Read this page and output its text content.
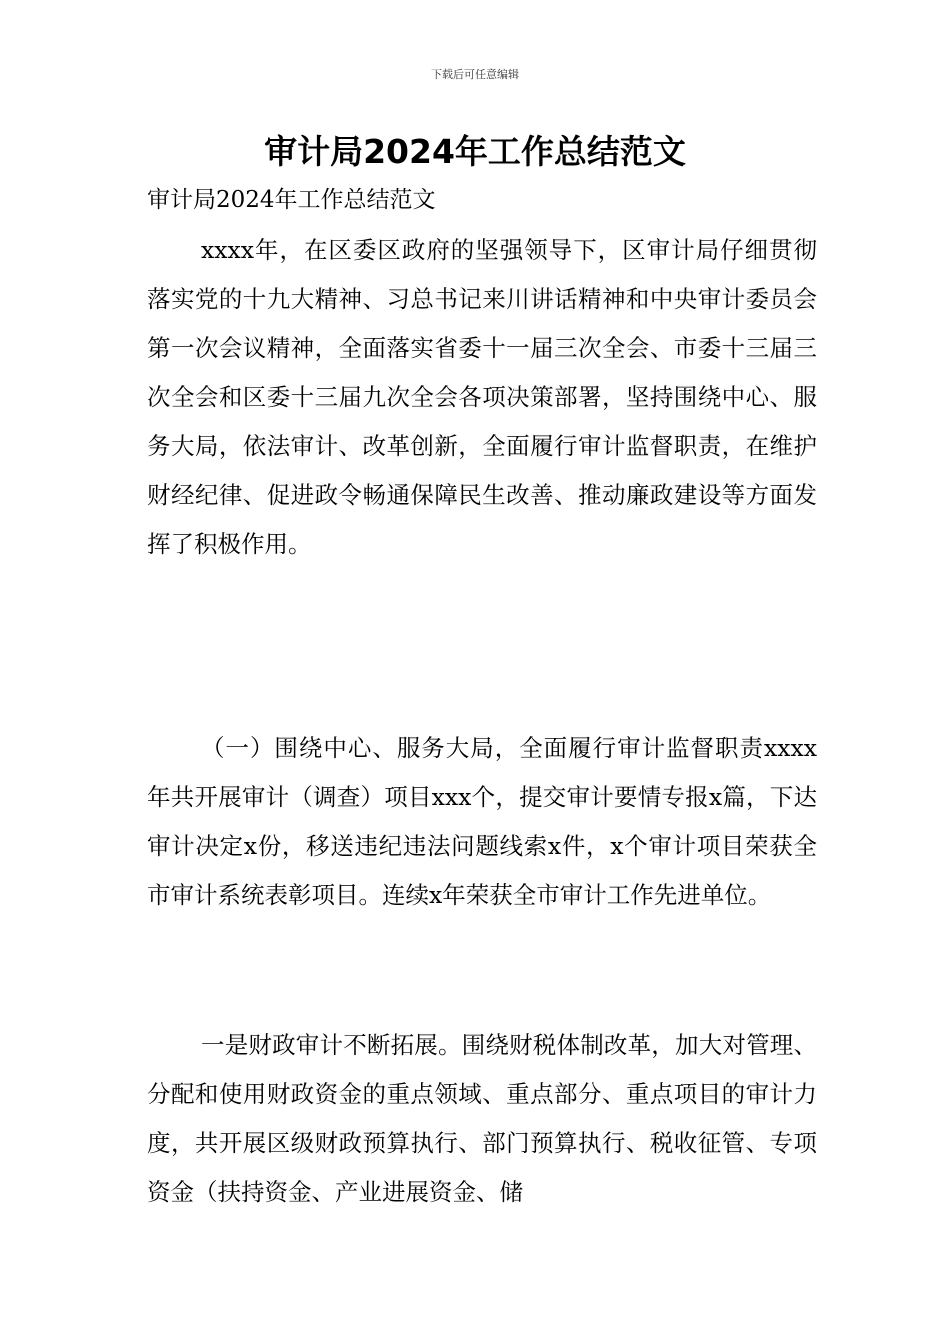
下载后可任意编辑
审计局2024年工作总结范文
审计局2024年工作总结范文

xxxx年，在区委区政府的坚强领导下，区审计局仔细贯彻落实党的十九大精神、习总书记来川讲话精神和中央审计委员会第一次会议精神，全面落实省委十一届三次全会、市委十三届三次全会和区委十三届九次全会各项决策部署，坚持围绕中心、服务大局，依法审计、改革创新，全面履行审计监督职责，在维护财经纪律、促进政令畅通保障民生改善、推动廉政建设等方面发挥了积极作用。

（一）围绕中心、服务大局，全面履行审计监督职责xxxx年共开展审计（调查）项目xxx个，提交审计要情专报x篇，下达审计决定x份，移送违纪违法问题线索x件，x个审计项目荣获全市审计系统表彰项目。连续x年荣获全市审计工作先进单位。

一是财政审计不断拓展。围绕财税体制改革，加大对管理、分配和使用财政资金的重点领域、重点部分、重点项目的审计力度，共开展区级财政预算执行、部门预算执行、税收征管、专项资金（扶持资金、产业进展资金、储
